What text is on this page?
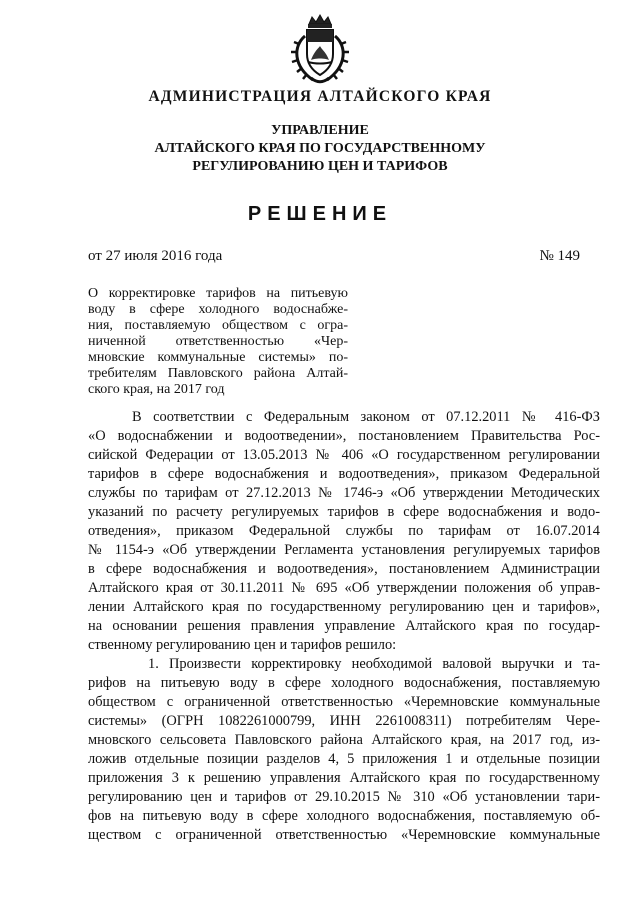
АДМИНИСТРАЦИЯ АЛТАЙСКОГО КРАЯ
УПРАВЛЕНИЕ
АЛТАЙСКОГО КРАЯ ПО ГОСУДАРСТВЕННОМУ
РЕГУЛИРОВАНИЮ ЦЕН И ТАРИФОВ
РЕШЕНИЕ
от 27 июля 2016 года	№ 149
О корректировке тарифов на питьевую
воду в сфере холодного водоснабже-
ния, поставляемую обществом с огра-
ниченной ответственностью «Чер-
мновские коммунальные системы» по-
требителям Павловского района Алтай-
ского края, на 2017 год
В соответствии с Федеральным законом от 07.12.2011 № 416-ФЗ
«О водоснабжении и водоотведении», постановлением Правительства Рос-
сийской Федерации от 13.05.2013 № 406 «О государственном регулировании
тарифов в сфере водоснабжения и водоотведения», приказом Федеральной
службы по тарифам от 27.12.2013 № 1746-э «Об утверждении Методических
указаний по расчету регулируемых тарифов в сфере водоснабжения и водо-
отведения», приказом Федеральной службы по тарифам от 16.07.2014
№ 1154-э «Об утверждении Регламента установления регулируемых тарифов
в сфере водоснабжения и водоотведения», постановлением Администрации
Алтайского края от 30.11.2011 № 695 «Об утверждении положения об управ-
лении Алтайского края по государственному регулированию цен и тарифов»,
на основании решения правления управление Алтайского края по государ-
ственному регулированию цен и тарифов решило:
1. Произвести корректировку необходимой валовой выручки и та-
рифов на питьевую воду в сфере холодного водоснабжения, поставляемую
обществом с ограниченной ответственностью «Черемновские коммунальные
системы» (ОГРН 1082261000799, ИНН 2261008311) потребителям Чере-
мновского сельсовета Павловского района Алтайского края, на 2017 год, из-
ложив отдельные позиции разделов 4, 5 приложения 1 и отдельные позиции
приложения 3 к решению управления Алтайского края по государственному
регулированию цен и тарифов от 29.10.2015 № 310 «Об установлении тари-
фов на питьевую воду в сфере холодного водоснабжения, поставляемую об-
ществом с ограниченной ответственностью «Черемновские коммунальные
